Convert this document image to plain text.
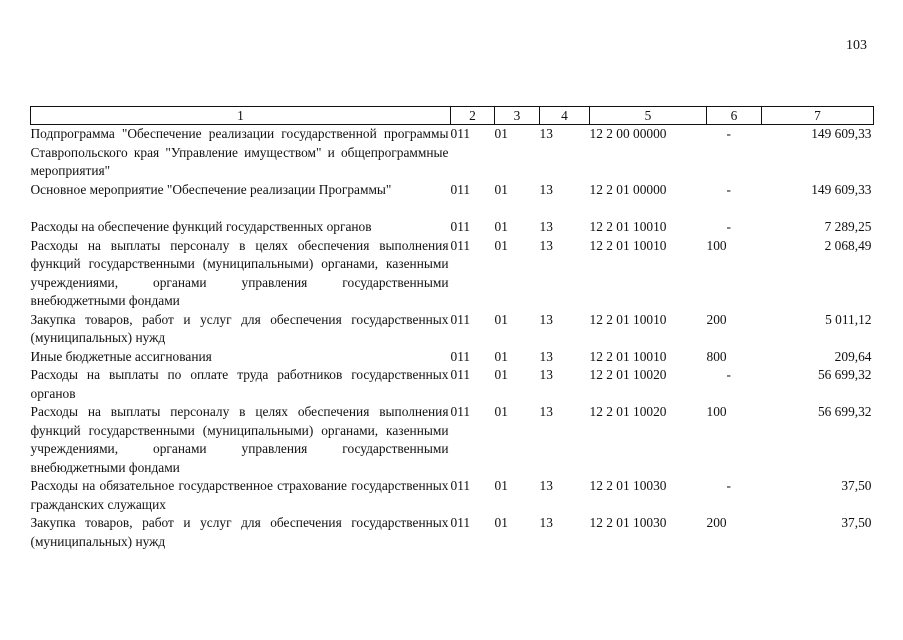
103
1	2	3	4	5	6	7
Подпрограмма "Обеспечение реализации государственной программы Ставропольского края "Управление имуществом" и общепрограммные мероприятия"	011	01	13	12 2 00 00000	-	149 609,33
Основное мероприятие "Обеспечение реализации Программы"	011	01	13	12 2 01 00000	-	149 609,33
Расходы на обеспечение функций государственных органов	011	01	13	12 2 01 10010	-	7 289,25
Расходы на выплаты персоналу в целях обеспечения выполнения функций государственными (муниципальными) органами, казенными учреждениями, органами управления государственными внебюджетными фондами	011	01	13	12 2 01 10010	100	2 068,49
Закупка товаров, работ и услуг для обеспечения государственных (муниципальных) нужд	011	01	13	12 2 01 10010	200	5 011,12
Иные бюджетные ассигнования	011	01	13	12 2 01 10010	800	209,64
Расходы на выплаты по оплате труда работников государственных органов	011	01	13	12 2 01 10020	-	56 699,32
Расходы на выплаты персоналу в целях обеспечения выполнения функций государственными (муниципальными) органами, казенными учреждениями, органами управления государственными внебюджетными фондами	011	01	13	12 2 01 10020	100	56 699,32
Расходы на обязательное государственное страхование государственных гражданских служащих	011	01	13	12 2 01 10030	-	37,50
Закупка товаров, работ и услуг для обеспечения государственных (муниципальных) нужд	011	01	13	12 2 01 10030	200	37,50
